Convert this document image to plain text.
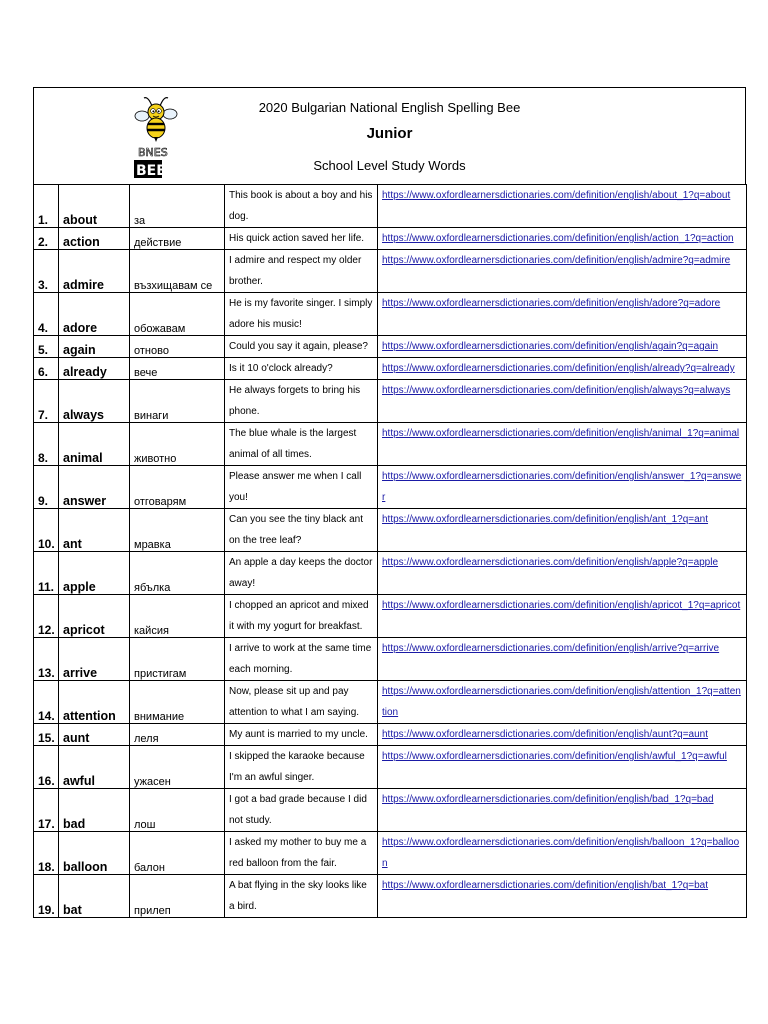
BNES
BEE
2020 Bulgarian National English Spelling Bee
Junior
School Level Study Words
1.	about	за	This book is about a boy and his dog.	https://www.oxfordlearnersdictionaries.com/definition/english/about_1?q=about
2.	action	действие	His quick action saved her life.	https://www.oxfordlearnersdictionaries.com/definition/english/action_1?q=action
3.	admire	възхищавам се	I admire and respect my older brother.	https://www.oxfordlearnersdictionaries.com/definition/english/admire?q=admire
4.	adore	обожавам	He is my favorite singer. I simply adore his music!	https://www.oxfordlearnersdictionaries.com/definition/english/adore?q=adore
5.	again	отново	Could you say it again, please?	https://www.oxfordlearnersdictionaries.com/definition/english/again?q=again
6.	already	вече	Is it 10 o'clock already?	https://www.oxfordlearnersdictionaries.com/definition/english/already?q=already
7.	always	винаги	He always forgets to bring his phone.	https://www.oxfordlearnersdictionaries.com/definition/english/always?q=always
8.	animal	животно	The blue whale is the largest animal of all times.	https://www.oxfordlearnersdictionaries.com/definition/english/animal_1?q=animal
9.	answer	отговарям	Please answer me when I call you!	https://www.oxfordlearnersdictionaries.com/definition/english/answer_1?q=answer
10.	ant	мравка	Can you see the tiny black ant on the tree leaf?	https://www.oxfordlearnersdictionaries.com/definition/english/ant_1?q=ant
11.	apple	ябълка	An apple a day keeps the doctor away!	https://www.oxfordlearnersdictionaries.com/definition/english/apple?q=apple
12.	apricot	кайсия	I chopped an apricot and mixed it with my yogurt for breakfast.	https://www.oxfordlearnersdictionaries.com/definition/english/apricot_1?q=apricot
13.	arrive	пристигам	I arrive to work at the same time each morning.	https://www.oxfordlearnersdictionaries.com/definition/english/arrive?q=arrive
14.	attention	внимание	Now, please sit up and pay attention to what I am saying.	https://www.oxfordlearnersdictionaries.com/definition/english/attention_1?q=attention
15.	aunt	леля	My aunt is married to my uncle.	https://www.oxfordlearnersdictionaries.com/definition/english/aunt?q=aunt
16.	awful	ужасен	I skipped the karaoke because I'm an awful singer.	https://www.oxfordlearnersdictionaries.com/definition/english/awful_1?q=awful
17.	bad	лош	I got a bad grade because I did not study.	https://www.oxfordlearnersdictionaries.com/definition/english/bad_1?q=bad
18.	balloon	балон	I asked my mother to buy me a red balloon from the fair.	https://www.oxfordlearnersdictionaries.com/definition/english/balloon_1?q=balloon
19.	bat	прилеп	A bat flying in the sky looks like a bird.	https://www.oxfordlearnersdictionaries.com/definition/english/bat_1?q=bat
